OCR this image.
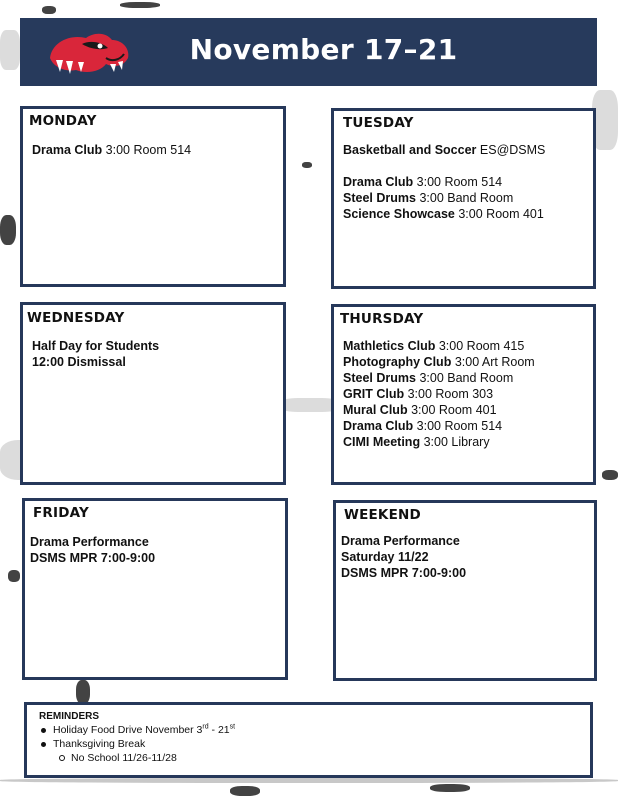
November 17–21
MONDAY
Drama Club 3:00 Room 514
TUESDAY
Basketball and Soccer ES@DSMS
Drama Club 3:00 Room 514
Steel Drums 3:00 Band Room
Science Showcase 3:00 Room 401
WEDNESDAY
Half Day for Students
12:00 Dismissal
THURSDAY
Mathletics Club 3:00 Room 415
Photography Club 3:00 Art Room
Steel Drums 3:00 Band Room
GRIT Club 3:00 Room 303
Mural Club 3:00 Room 401
Drama Club 3:00 Room 514
CIMI Meeting 3:00 Library
FRIDAY
Drama Performance
DSMS MPR 7:00-9:00
WEEKEND
Drama Performance
Saturday 11/22
DSMS MPR 7:00-9:00
REMINDERS
Holiday Food Drive November 3rd - 21st
Thanksgiving Break
No School 11/26-11/28
